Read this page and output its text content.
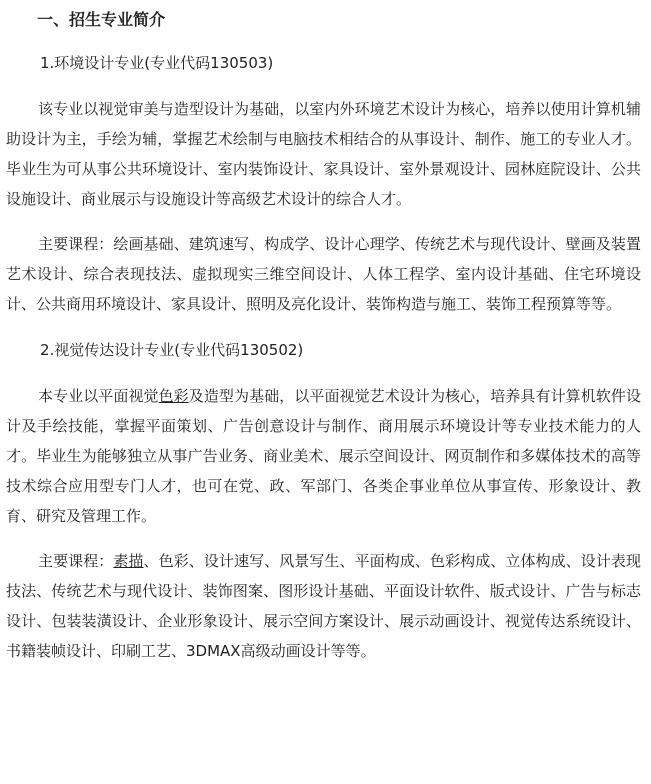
一、招生专业简介
1.环境设计专业(专业代码130503)

该专业以视觉审美与造型设计为基础，以室内外环境艺术设计为核心，培养以使用计算机辅助设计为主，手绘为辅，掌握艺术绘制与电脑技术相结合的从事设计、制作、施工的专业人才。毕业生为可从事公共环境设计、室内装饰设计、家具设计、室外景观设计、园林庭院设计、公共设施设计、商业展示与设施设计等高级艺术设计的综合人才。

主要课程：绘画基础、建筑速写、构成学、设计心理学、传统艺术与现代设计、壁画及装置艺术设计、综合表现技法、虚拟现实三维空间设计、人体工程学、室内设计基础、住宅环境设计、公共商用环境设计、家具设计、照明及亮化设计、装饰构造与施工、装饰工程预算等等。

2.视觉传达设计专业(专业代码130502)

本专业以平面视觉色彩及造型为基础，以平面视觉艺术设计为核心，培养具有计算机软件设计及手绘技能，掌握平面策划、广告创意设计与制作、商用展示环境设计等专业技术能力的人才。毕业生为能够独立从事广告业务、商业美术、展示空间设计、网页制作和多媒体技术的高等技术综合应用型专门人才，也可在党、政、军部门、各类企事业单位从事宣传、形象设计、教育、研究及管理工作。

主要课程：素描、色彩、设计速写、风景写生、平面构成、色彩构成、立体构成、设计表现技法、传统艺术与现代设计、装饰图案、图形设计基础、平面设计软件、版式设计、广告与标志设计、包装装潢设计、企业形象设计、展示空间方案设计、展示动画设计、视觉传达系统设计、书籍装帧设计、印刷工艺、3DMAX高级动画设计等等。
